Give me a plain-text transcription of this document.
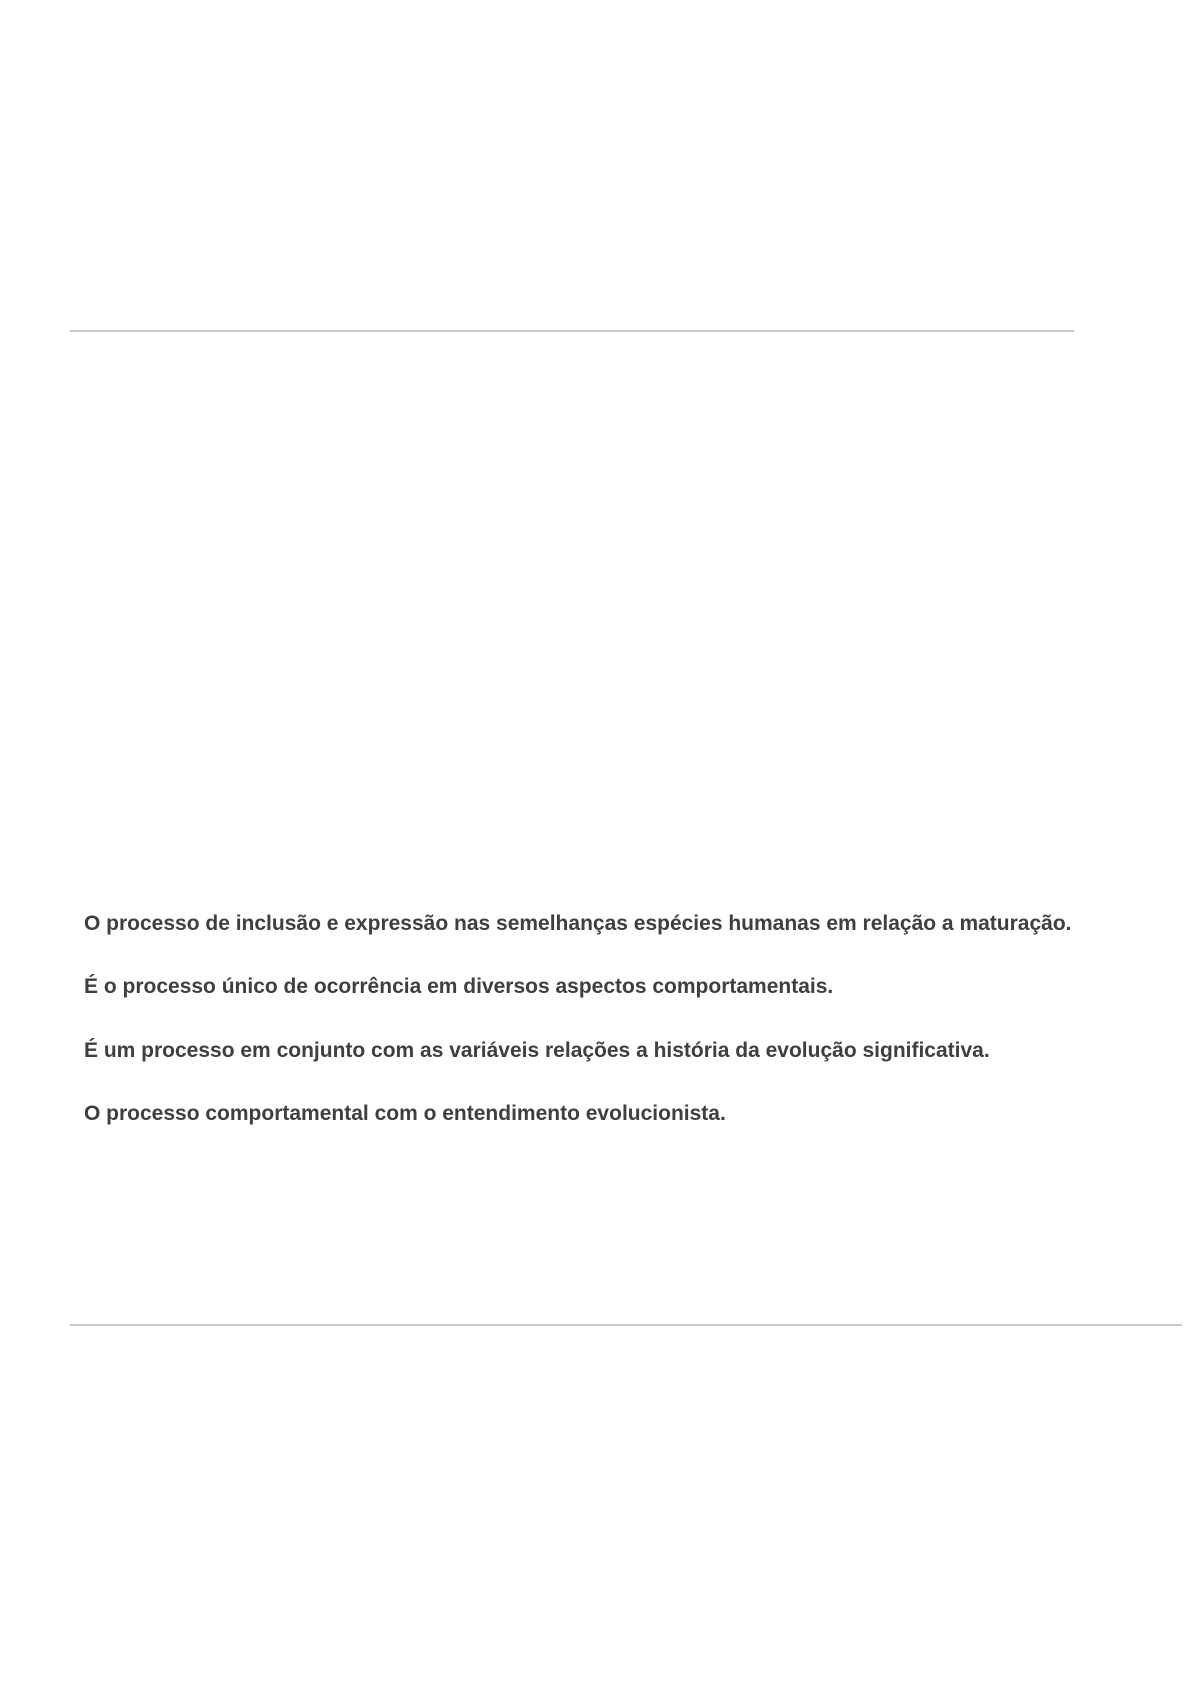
O processo de inclusão e expressão nas semelhanças espécies humanas em relação a maturação.

É o processo único de ocorrência em diversos aspectos comportamentais.

É um processo em conjunto com as variáveis relações a história da evolução significativa.

O processo comportamental com o entendimento evolucionista.
